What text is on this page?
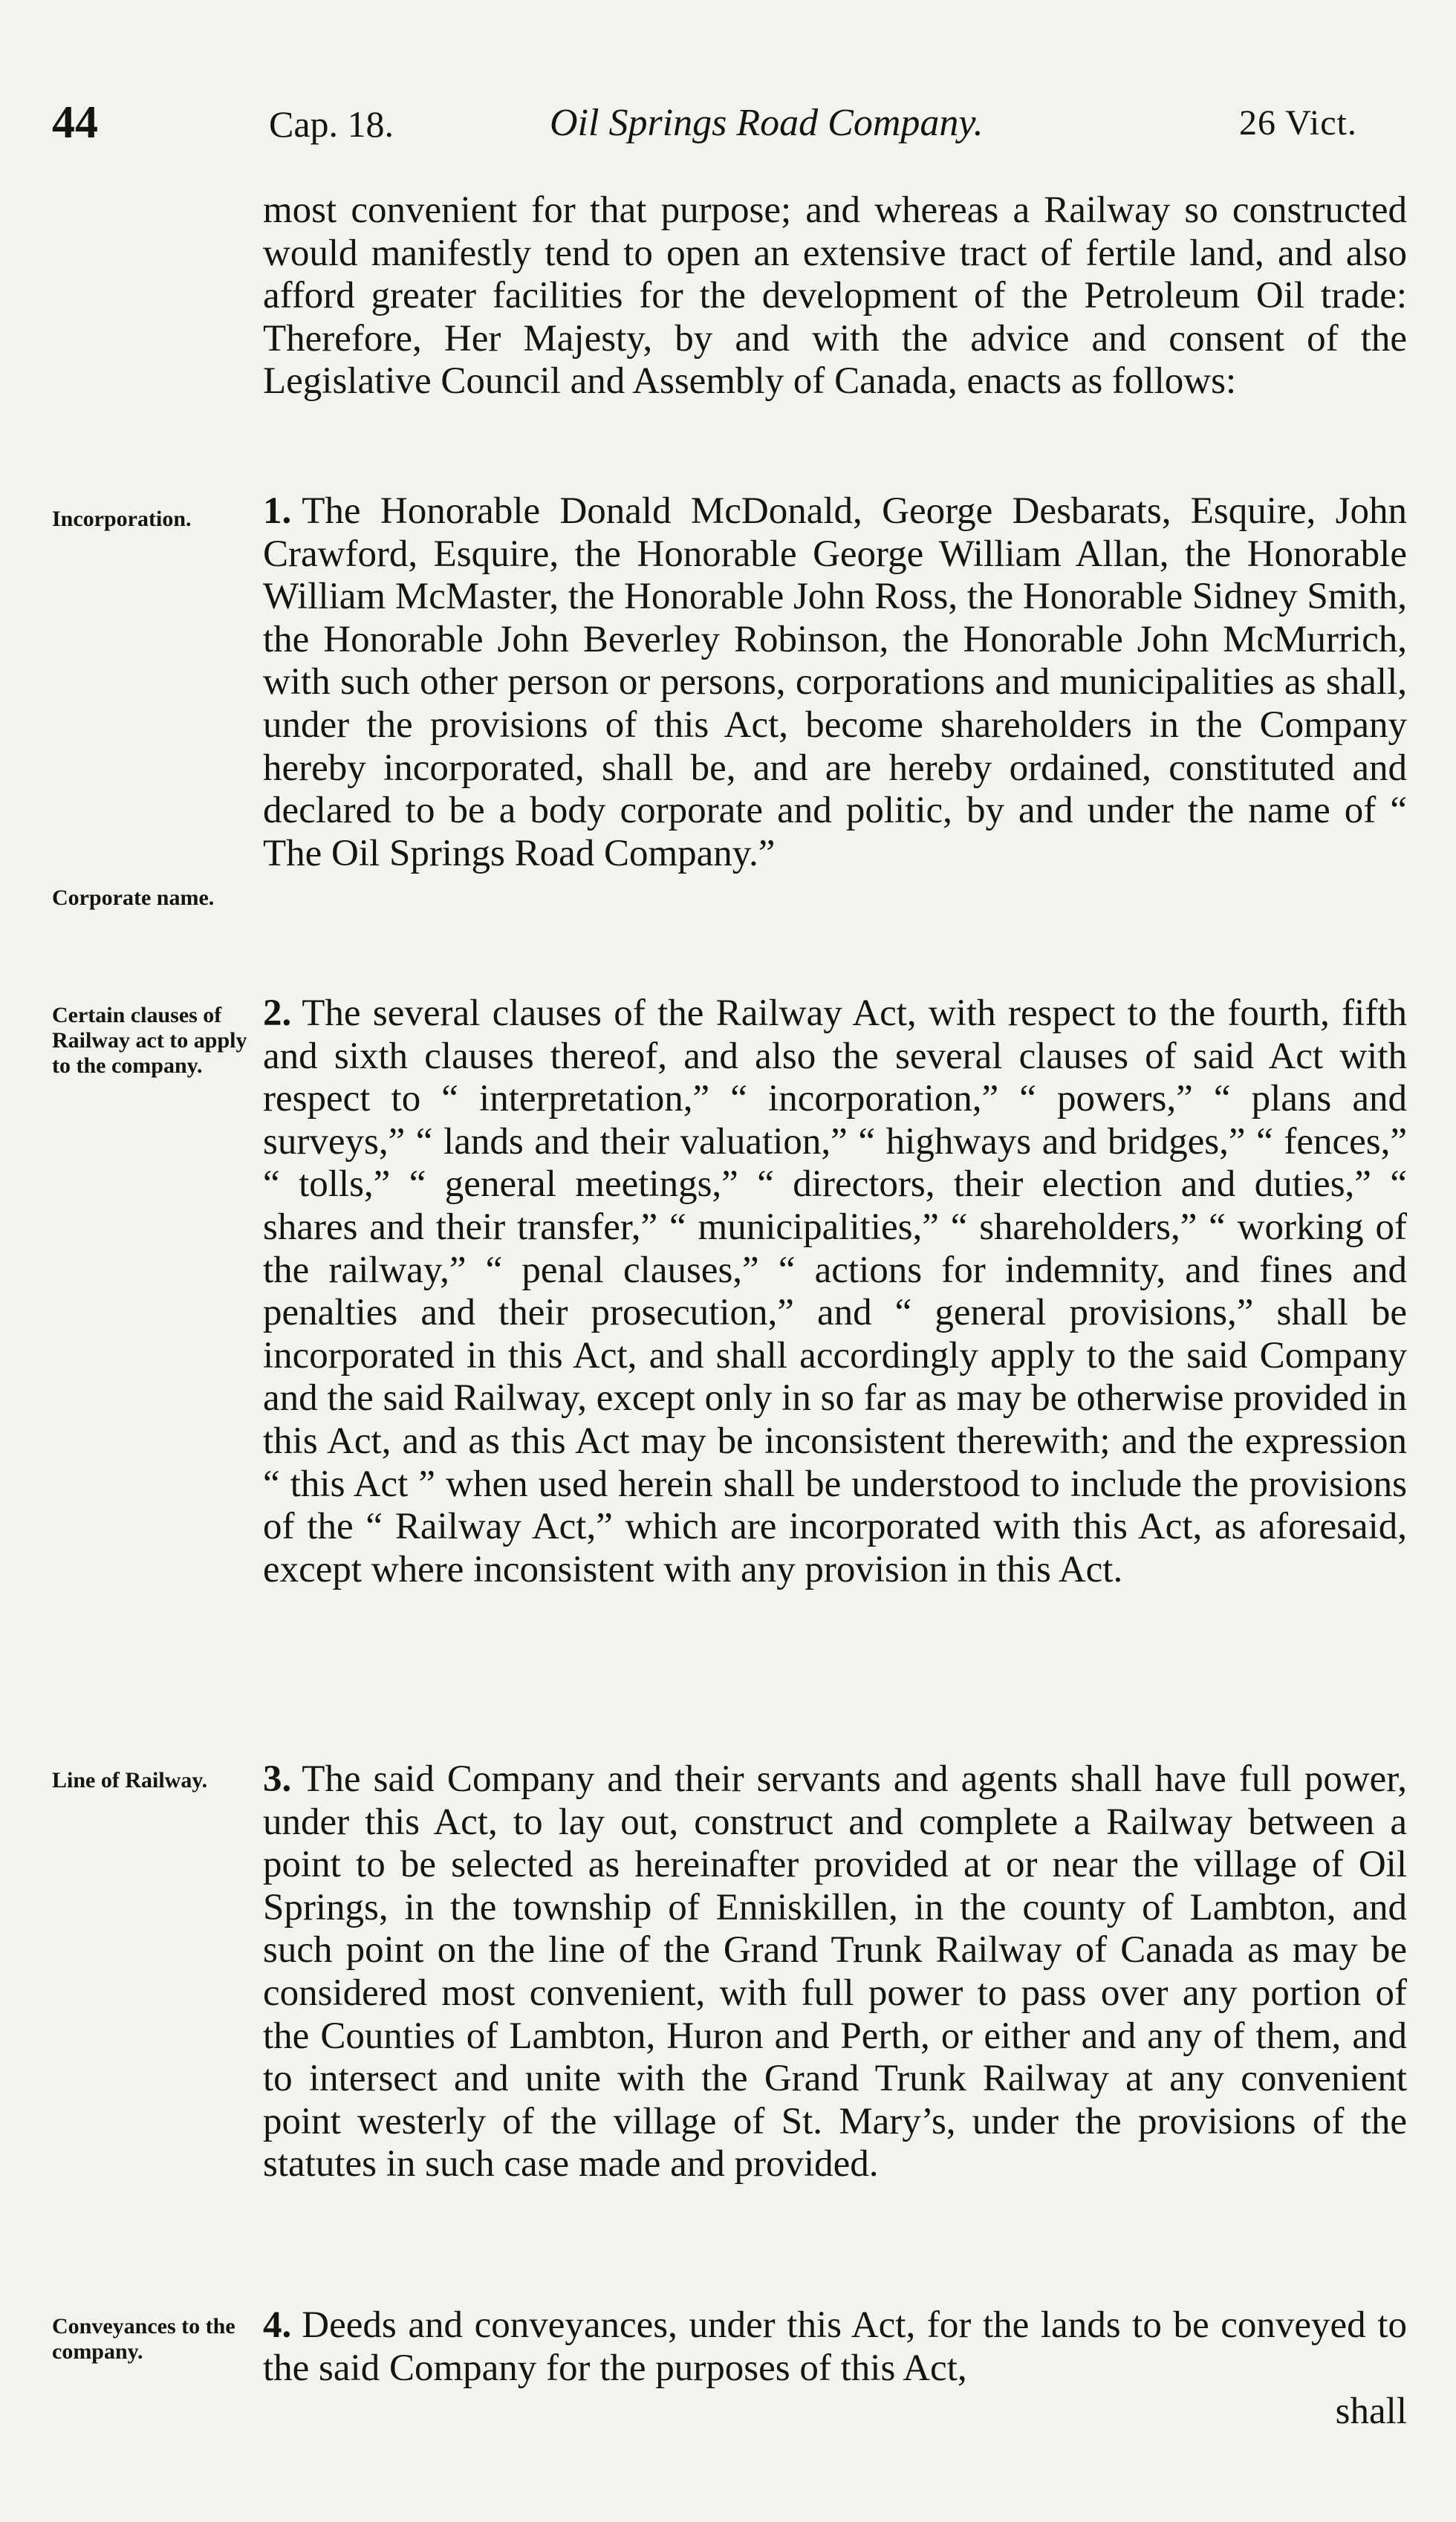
44	Cap. 18.	Oil Springs Road Company.	26 Vict.

most convenient for that purpose; and whereas a Railway so constructed would manifestly tend to open an extensive tract of fertile land, and also afford greater facilities for the development of the Petroleum Oil trade: Therefore, Her Majesty, by and with the advice and consent of the Legislative Council and Assembly of Canada, enacts as follows:

Incorporation.	1. The Honorable Donald McDonald, George Desbarats, Esquire, John Crawford, Esquire, the Honorable George William Allan, the Honorable William McMaster, the Honorable John Ross, the Honorable Sidney Smith, the Honorable John Beverley Robinson, the Honorable John McMurrich, with such other person or persons, corporations and municipalities as shall, under the provisions of this Act, become shareholders in the Company hereby incorporated, shall be, and are hereby ordained, constituted and declared to be a body corporate and politic, by and under the name of “ The Oil Springs Road Company.”

Corporate name.
Certain clauses of Railway act to apply to the company.

2. The several clauses of the Railway Act, with respect to the fourth, fifth and sixth clauses thereof, and also the several clauses of said Act with respect to “ interpretation,” “ incorporation,” “ powers,” “ plans and surveys,” “ lands and their valuation,” “ highways and bridges,” “ fences,” “ tolls,” “ general meetings,” “ directors, their election and duties,” “ shares and their transfer,” “ municipalities,” “ shareholders,” “ working of the railway,” “ penal clauses,” “ actions for indemnity, and fines and penalties and their prosecution,” and “ general provisions,” shall be incorporated in this Act, and shall accordingly apply to the said Company and the said Railway, except only in so far as may be otherwise provided in this Act, and as this Act may be inconsistent therewith; and the expression “ this Act ” when used herein shall be understood to include the provisions of the “ Railway Act,” which are incorporated with this Act, as aforesaid, except where inconsistent with any provision in this Act.

Line of Railway.	3. The said Company and their servants and agents shall have full power, under this Act, to lay out, construct and complete a Railway between a point to be selected as hereinafter provided at or near the village of Oil Springs, in the township of Enniskillen, in the county of Lambton, and such point on the line of the Grand Trunk Railway of Canada as may be considered most convenient, with full power to pass over any portion of the Counties of Lambton, Huron and Perth, or either and any of them, and to intersect and unite with the Grand Trunk Railway at any convenient point westerly of the village of St. Mary’s, under the provisions of the statutes in such case made and provided.

Conveyances to the company.

4. Deeds and conveyances, under this Act, for the lands to be conveyed to the said Company for the purposes of this Act,

shall
